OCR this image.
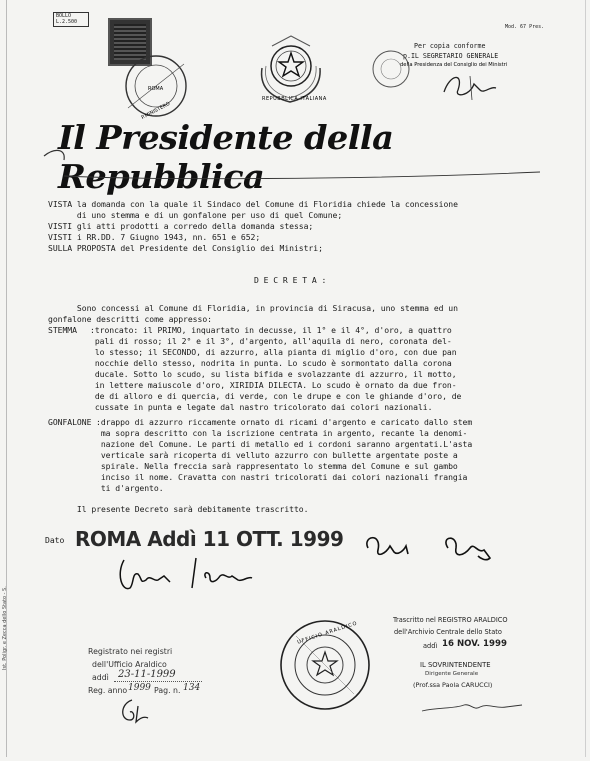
BOLLO
L.2.500
P.MINISTERO
ROMA
REPUBBLICA ITALIANA
Mod. 67 Pres.
Per copia conforme
p.IL SEGRETARIO GENERALE
della Presidenza del Consiglio dei Ministri
Il Presidente della Repubblica
VISTA la domanda con la quale il Sindaco del Comune di Floridia chiede la concessione
di uno stemma e di un gonfalone per uso di quel Comune;
VISTI gli atti prodotti a corredo della domanda stessa;
VISTI i RR.DD. 7 Giugno 1943, nn. 651 e 652;
SULLA PROPOSTA del Presidente del Consiglio dei Ministri;
D E C R E T A :
Sono concessi al Comune di Floridia, in provincia di Siracusa, uno stemma ed un
gonfalone descritti come appresso:
STEMMA :troncato: il PRIMO, inquartato in decusse, il 1° e il 4°, d'oro, a quattro
pali di rosso; il 2° e il 3°, d'argento, all'aquila di nero, coronata del-
lo stesso; il SECONDO, di azzurro, alla pianta di miglio d'oro, con due pan
nocchie dello stesso, nodrita in punta. Lo scudo è sormontato dalla corona
ducale. Sotto lo scudo, su lista bifida e svolazzante di azzurro, il motto,
in lettere maiuscole d'oro, XIRIDIA DILECTA. Lo scudo è ornato da due fron-
de di alloro e di quercia, di verde, con le drupe e con le ghiande d'oro, de
cussate in punta e legate dal nastro tricolorato dai colori nazionali.
GONFALONE :drappo di azzurro riccamente ornato di ricami d'argento e caricato dallo stem
ma sopra descritto con la iscrizione centrata in argento, recante la denomi-
nazione del Comune. Le parti di metallo ed i cordoni saranno argentati.L'asta
verticale sarà ricoperta di velluto azzurro con bullette argentate poste a
spirale. Nella freccia sarà rappresentato lo stemma del Comune e sul gambo
inciso il nome. Cravatta con nastri tricolorati dai colori nazionali frangia
ti d'argento.
Il presente Decreto sarà debitamente trascritto.
Dato ROMA Addì 11 OTT. 1999
Registrato nei registri
dell'Ufficio Araldico
addì 23-11-1999
Reg. anno 1999 Pag. n. 134
UFFICIO ARALDICO
Trascritto nel REGISTRO ARALDICO
dell'Archivio Centrale dello Stato
addì 16 NOV. 1999
IL SOVRINTENDENTE
Dirigente Generale
(Prof.ssa Paola CARUCCI)
Ist. Poligr. e Zecca dello Stato - S.
